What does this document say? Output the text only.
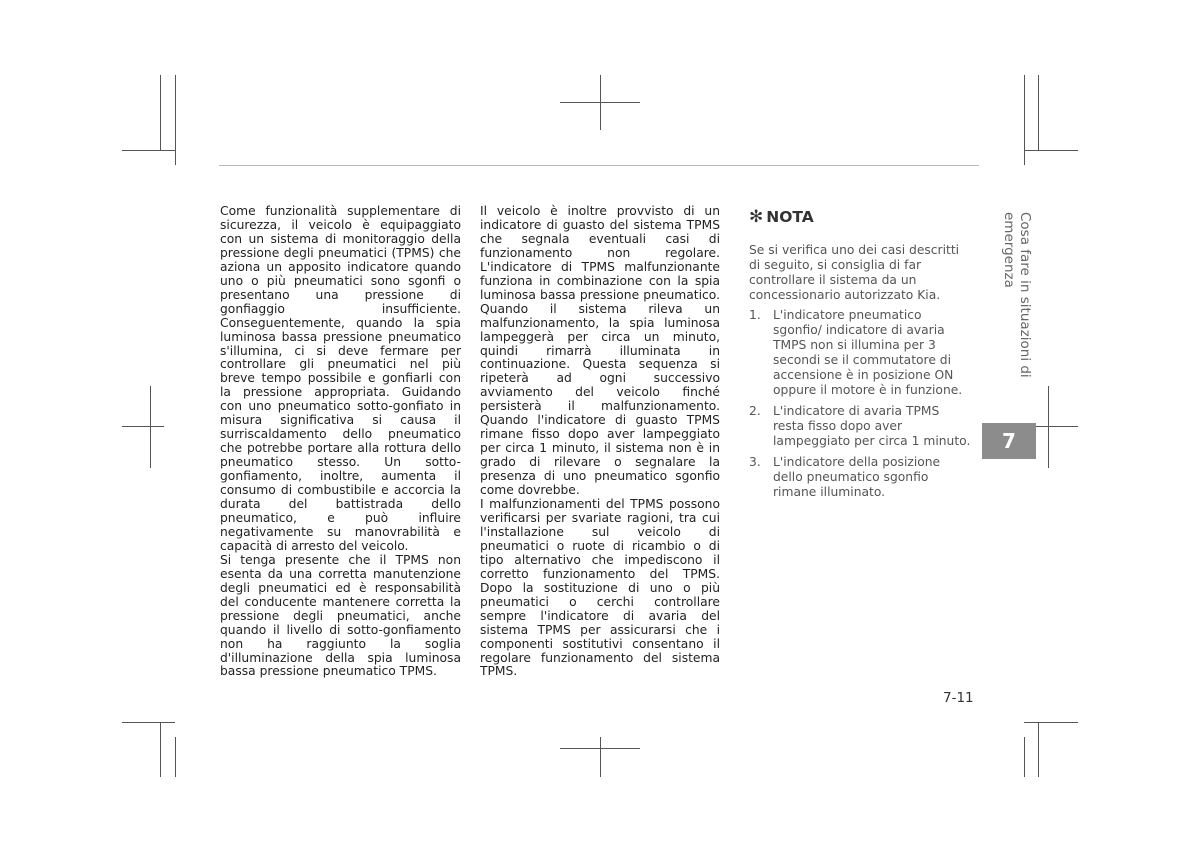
Come funzionalità supplementare di sicurezza, il veicolo è equipaggiato con un sistema di monitoraggio della pressione degli pneumatici (TPMS) che aziona un apposito indicatore quando uno o più pneumatici sono sgonfi o presentano una pressione di gonfiaggio insufficiente. Conseguentemente, quando la spia luminosa bassa pressione pneumatico s'illumina, ci si deve fermare per controllare gli pneumatici nel più breve tempo possibile e gonfiarli con la pressione appropriata. Guidando con uno pneumatico sotto-gonfiato in misura significativa si causa il surriscaldamento dello pneumatico che potrebbe portare alla rottura dello pneumatico stesso. Un sotto-gonfiamento, inoltre, aumenta il consumo di combustibile e accorcia la durata del battistrada dello pneumatico, e può influire negativamente su manovrabilità e capacità di arresto del veicolo.

Si tenga presente che il TPMS non esenta da una corretta manutenzione degli pneumatici ed è responsabilità del conducente mantenere corretta la pressione degli pneumatici, anche quando il livello di sotto-gonfiamento non ha raggiunto la soglia d'illuminazione della spia luminosa bassa pressione pneumatico TPMS.

Il veicolo è inoltre provvisto di un indicatore di guasto del sistema TPMS che segnala eventuali casi di funzionamento non regolare. L'indicatore di TPMS malfunzionante funziona in combinazione con la spia luminosa bassa pressione pneumatico. Quando il sistema rileva un malfunzionamento, la spia luminosa lampeggerà per circa un minuto, quindi rimarrà illuminata in continuazione. Questa sequenza si ripeterà ad ogni successivo avviamento del veicolo finché persisterà il malfunzionamento. Quando l'indicatore di guasto TPMS rimane fisso dopo aver lampeggiato per circa 1 minuto, il sistema non è in grado di rilevare o segnalare la presenza di uno pneumatico sgonfio come dovrebbe.

I malfunzionamenti del TPMS possono verificarsi per svariate ragioni, tra cui l'installazione sul veicolo di pneumatici o ruote di ricambio o di tipo alternativo che impediscono il corretto funzionamento del TPMS. Dopo la sostituzione di uno o più pneumatici o cerchi controllare sempre l'indicatore di avaria del sistema TPMS per assicurarsi che i componenti sostitutivi consentano il regolare funzionamento del sistema TPMS.

✻ NOTA
Se si verifica uno dei casi descritti di seguito, si consiglia di far controllare il sistema da un concessionario autorizzato Kia.
1. L'indicatore pneumatico sgonfio/ indicatore di avaria TMPS non si illumina per 3 secondi se il commutatore di accensione è in posizione ON oppure il motore è in funzione.
2. L'indicatore di avaria TPMS resta fisso dopo aver lampeggiato per circa 1 minuto.
3. L'indicatore della posizione dello pneumatico sgonfio rimane illuminato.
Cosa fare in situazioni di emergenza
7
7-11
